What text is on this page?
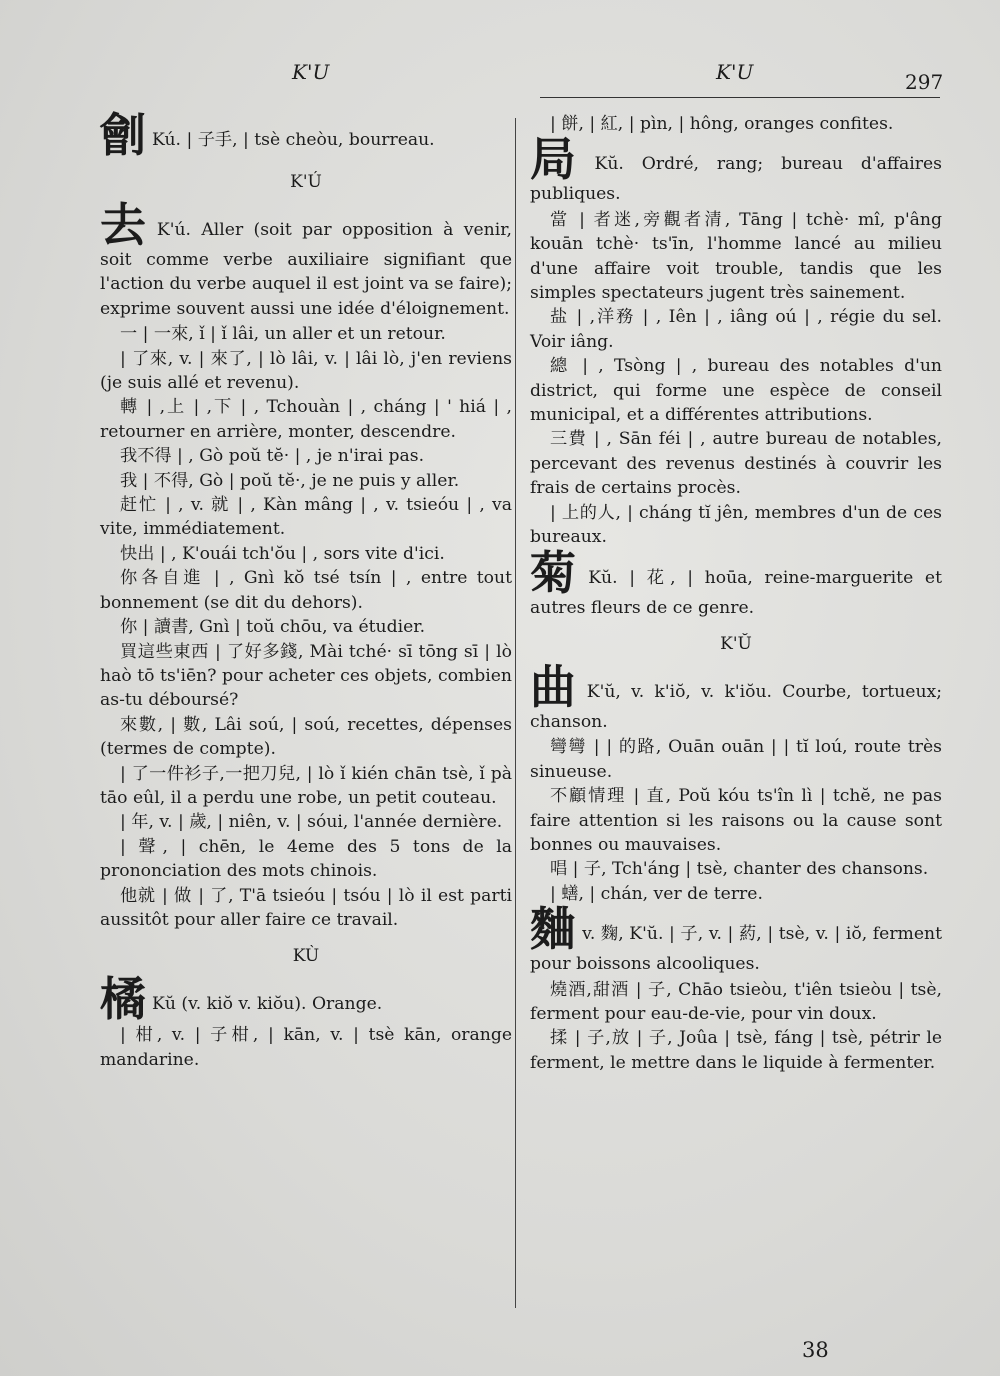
K'U	K'U	297

劊 Kú. | 子手, | tsè cheòu, bourreau.

K'Ú

去 K'ú. Aller (soit par opposition à venir, soit comme verbe auxiliaire signifiant que l'action du verbe auquel il est joint va se faire); exprime souvent aussi une idée d'éloignement.

一 | 一來, ǐ | ǐ lâi, un aller et un retour.

| 了來, v. | 來了, | lò lâi, v. | lâi lò, j'en reviens (je suis allé et revenu).

轉 | ,上 | ,下 | , Tchouàn | , cháng | ' hiá | , retourner en arrière, monter, descendre.

我不得 | , Gò poŭ tĕ· | , je n'irai pas.

我 | 不得, Gò | poŭ tĕ·, je ne puis y aller.

赶忙 | , v. 就 | , Kàn mâng | , v. tsieóu | , va vite, immédiatement.

快出 | , K'ouái tch'ŏu | , sors vite d'ici.

你各自進 | , Gnì kŏ tsé tsín | , entre tout bonnement (se dit du dehors).

你 | 讀書, Gnì | toŭ chōu, va étudier.

買這些東西 | 了好多錢, Mài tché· sī tōng sī | lò haò tō ts'iēn? pour acheter ces objets, combien as-tu déboursé?

來數, | 數, Lâi soú, | soú, recettes, dépenses (termes de compte).

| 了一件衫子,一把刀兒, | lò ǐ kién chān tsè, ǐ pà tāo eûl, il a perdu une robe, un petit couteau.

| 年, v. | 歲, | niên, v. | sóui, l'année dernière.

| 聲, | chēn, le 4eme des 5 tons de la prononciation des mots chinois.

他就 | 做 | 了, T'ā tsieóu | tsóu | lò il est parti aussitôt pour aller faire ce travail.

KÙ

橘 Kŭ (v. kiŏ v. kiŏu). Orange.

| 柑, v. | 子柑, | kān, v. | tsè kān, orange mandarine.

| 餅, | 紅, | pìn, | hông, oranges confites.

局 Kŭ. Ordré, rang; bureau d'affaires publiques.

當 | 者迷,旁觀者清, Tāng | tchè· mî, p'âng kouān tchè· ts'īn, l'homme lancé au milieu d'une affaire voit trouble, tandis que les simples spectateurs jugent très sainement.

盐 | ,洋務 | , Iên | , iâng oú | , régie du sel. Voir iâng.

總 | , Tsòng | , bureau des notables d'un district, qui forme une espèce de conseil municipal, et a différentes attributions.

三費 | , Sān féi | , autre bureau de notables, percevant des revenus destinés à couvrir les frais de certains procès.

| 上的人, | cháng tĭ jên, membres d'un de ces bureaux.

菊 Kŭ. | 花, | hoūa, reine-marguerite et autres fleurs de ce genre.

K'Ŭ

曲 K'ŭ, v. k'iŏ, v. k'iŏu. Courbe, tortueux; chanson.

彎彎 | | 的路, Ouān ouān | | tĭ loú, route très sinueuse.

不顧情理 | 直, Poŭ kóu ts'în lì | tchĕ, ne pas faire attention si les raisons ou la cause sont bonnes ou mauvaises.

唱 | 子, Tch'áng | tsè, chanter des chansons.

| 蟮, | chán, ver de terre.

麯v. 麴, K'ŭ. | 子, v. | 葯, | tsè, v. | iŏ, ferment pour boissons alcooliques.

燒酒,甜酒 | 子, Chāo tsieòu, t'iên tsieòu | tsè, ferment pour eau-de-vie, pour vin doux.

揉 | 子,放 | 子, Joûa | tsè, fáng | tsè, pétrir le ferment, le mettre dans le liquide à fermenter.

38
